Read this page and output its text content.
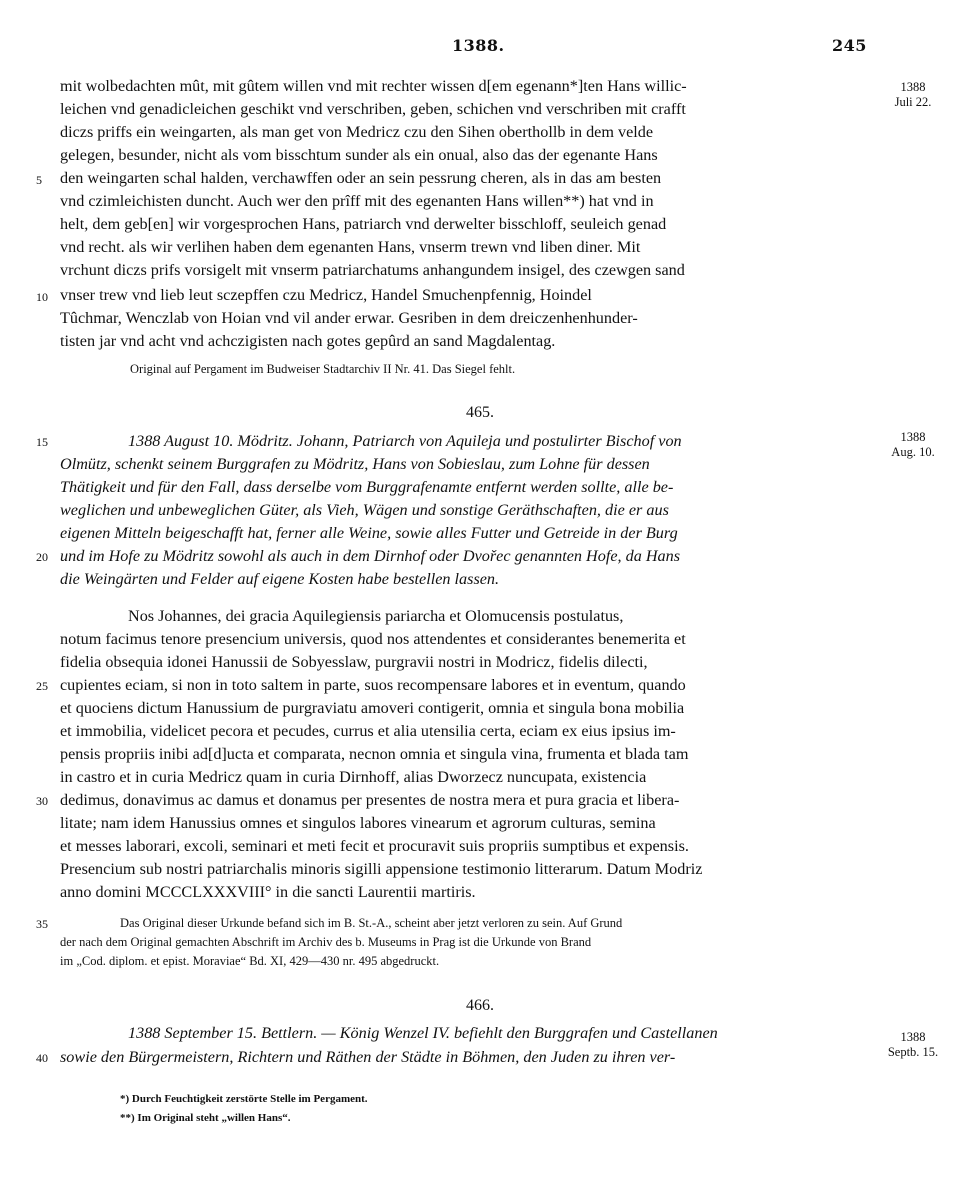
1388.	245
1388
Juli 22.
mit wolbedachten mût, mit gûtem willen vnd mit rechter wissen d[em egenann*]ten Hans willic-
leichen vnd genadicleichen geschikt vnd verschriben, geben, schichen vnd verschriben mit crafft
diczs priffs ein weingarten, als man get von Medricz czu den Sihen oberthollb in dem velde
gelegen, besunder, nicht als vom bisschtum sunder als ein onual, also das der egenante Hans
den weingarten schal halden, verchawffen oder an sein pessrung cheren, als in das am besten
vnd czimleichisten duncht. Auch wer den prîff mit des egenanten Hans willen**) hat vnd in
helt, dem geb[en] wir vorgesprochen Hans, patriarch vnd derwelter bisschloff, seuleich genad
vnd recht. als wir verlihen haben dem egenanten Hans, vnserm trewn vnd liben diner. Mit
vrchunt diczs prifs vorsigelt mit vnserm patriarchatums anhangundem insigel, des czewgen sand
vnser trew vnd lieb leut sczepffen czu Medricz, Handel Smuchenpfennig, Hoindel
Tûchmar, Wenczlab von Hoian vnd vil ander erwar. Gesriben in dem dreiczenhenhunder-
tisten jar vnd acht vnd achczigisten nach gotes gepûrd an sand Magdalentag.
Original auf Pergament im Budweiser Stadtarchiv II Nr. 41. Das Siegel fehlt.
465.
1388
Aug. 10.
1388 August 10. Mödritz. Johann, Patriarch von Aquileja und postulirter Bischof von
Olmütz, schenkt seinem Burggrafen zu Mödritz, Hans von Sobieslau, zum Lohne für dessen
Thätigkeit und für den Fall, dass derselbe vom Burggrafenamte entfernt werden sollte, alle be-
weglichen und unbeweglichen Güter, als Vieh, Wägen und sonstige Geräthschaften, die er aus
eigenen Mitteln beigeschafft hat, ferner alle Weine, sowie alles Futter und Getreide in der Burg
und im Hofe zu Mödritz sowohl als auch in dem Dirnhof oder Dvořec genannten Hofe, da Hans
die Weingärten und Felder auf eigene Kosten habe bestellen lassen.
Nos Johannes, dei gracia Aquilegiensis pariarcha et Olomucensis postulatus,
notum facimus tenore presencium universis, quod nos attendentes et considerantes benemerita et
fidelia obsequia idonei Hanussii de Sobyesslaw, purgravii nostri in Modricz, fidelis dilecti,
cupientes eciam, si non in toto saltem in parte, suos recompensare labores et in eventum, quando
et quociens dictum Hanussium de purgraviatu amoveri contigerit, omnia et singula bona mobilia
et immobilia, videlicet pecora et pecudes, currus et alia utensilia certa, eciam ex eius ipsius im-
pensis propriis inibi ad[d]ucta et comparata, necnon omnia et singula vina, frumenta et blada tam
in castro et in curia Medricz quam in curia Dirnhoff, alias Dworzecz nuncupata, existencia
dedimus, donavimus ac damus et donamus per presentes de nostra mera et pura gracia et libera-
litate; nam idem Hanussius omnes et singulos labores vinearum et agrorum culturas, semina
et messes laborari, excoli, seminari et meti fecit et procuravit suis propriis sumptibus et expensis.
Presencium sub nostri patriarchalis minoris sigilli appensione testimonio litterarum. Datum Modriz
anno domini MCCCLXXXVIII° in die sancti Laurentii martiris.
Das Original dieser Urkunde befand sich im B. St.-A., scheint aber jetzt verloren zu sein. Auf Grund
der nach dem Original gemachten Abschrift im Archiv des b. Museums in Prag ist die Urkunde von Brand
im „Cod. diplom. et epist. Moraviae“ Bd. XI, 429—430 nr. 495 abgedruckt.
466.
1388
Septb. 15.
1388 September 15. Bettlern. — König Wenzel IV. befiehlt den Burggrafen und Castellanen
sowie den Bürgermeistern, Richtern und Räthen der Städte in Böhmen, den Juden zu ihren ver-
5
10
15
20
25
30
35
40
*) Durch Feuchtigkeit zerstörte Stelle im Pergament.
**) Im Original steht „willen Hans“.
